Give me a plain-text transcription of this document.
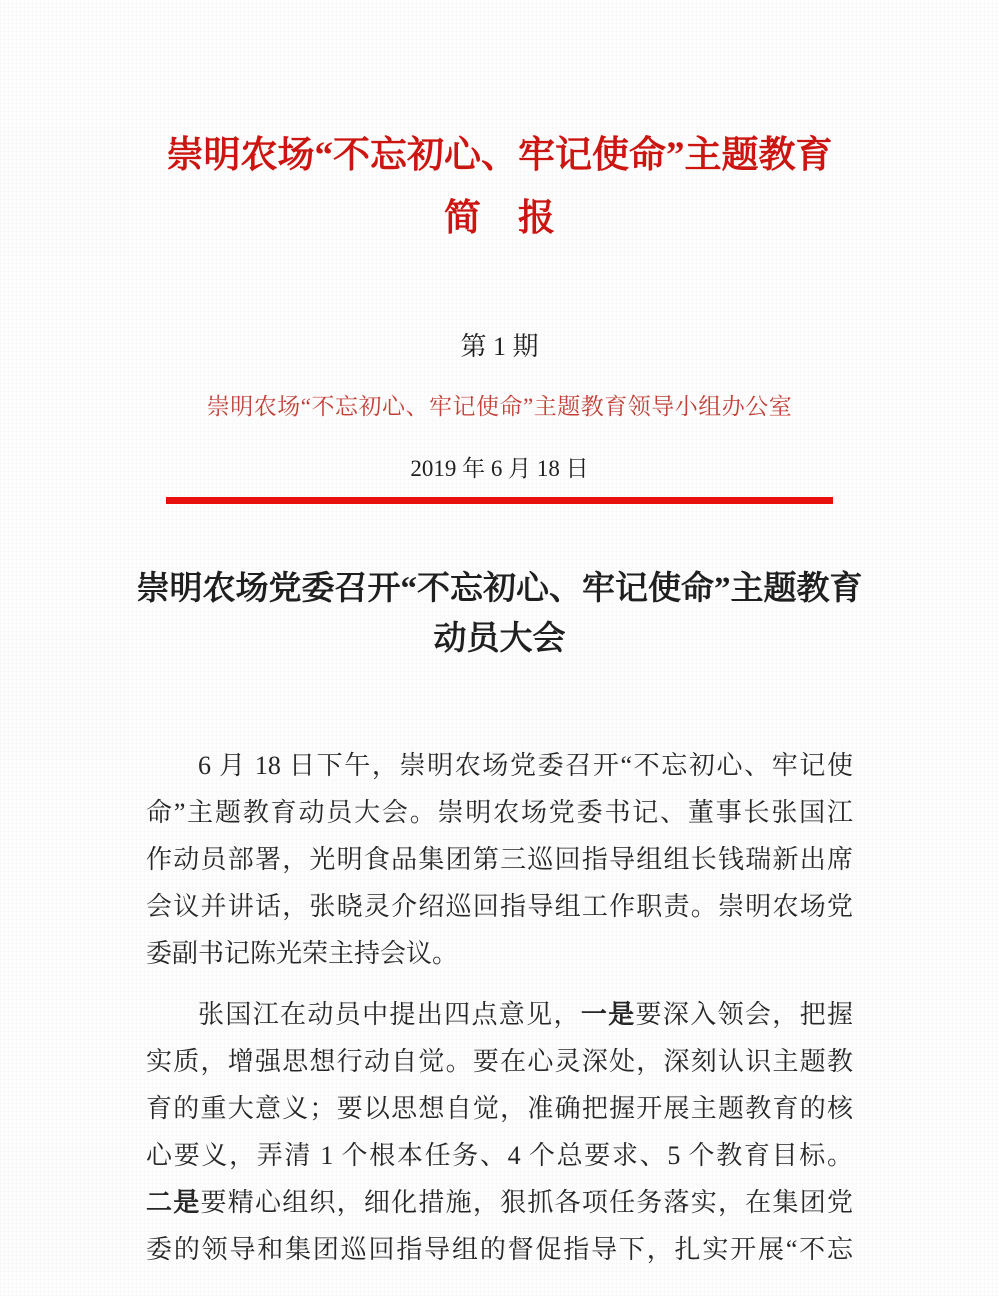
崇明农场“不忘初心、牢记使命”主题教育
简　报
第 1 期
崇明农场“不忘初心、牢记使命”主题教育领导小组办公室
2019 年 6 月 18 日
崇明农场党委召开“不忘初心、牢记使命”主题教育
动员大会
6 月 18 日下午，崇明农场党委召开“不忘初心、牢记使
命”主题教育动员大会。崇明农场党委书记、董事长张国江
作动员部署，光明食品集团第三巡回指导组组长钱瑞新出席
会议并讲话，张晓灵介绍巡回指导组工作职责。崇明农场党
委副书记陈光荣主持会议。
张国江在动员中提出四点意见，一是要深入领会，把握
实质，增强思想行动自觉。要在心灵深处，深刻认识主题教
育的重大意义；要以思想自觉，准确把握开展主题教育的核
心要义，弄清 1 个根本任务、4 个总要求、5 个教育目标。
二是要精心组织，细化措施，狠抓各项任务落实，在集团党
委的领导和集团巡回指导组的督促指导下，扎实开展“不忘
